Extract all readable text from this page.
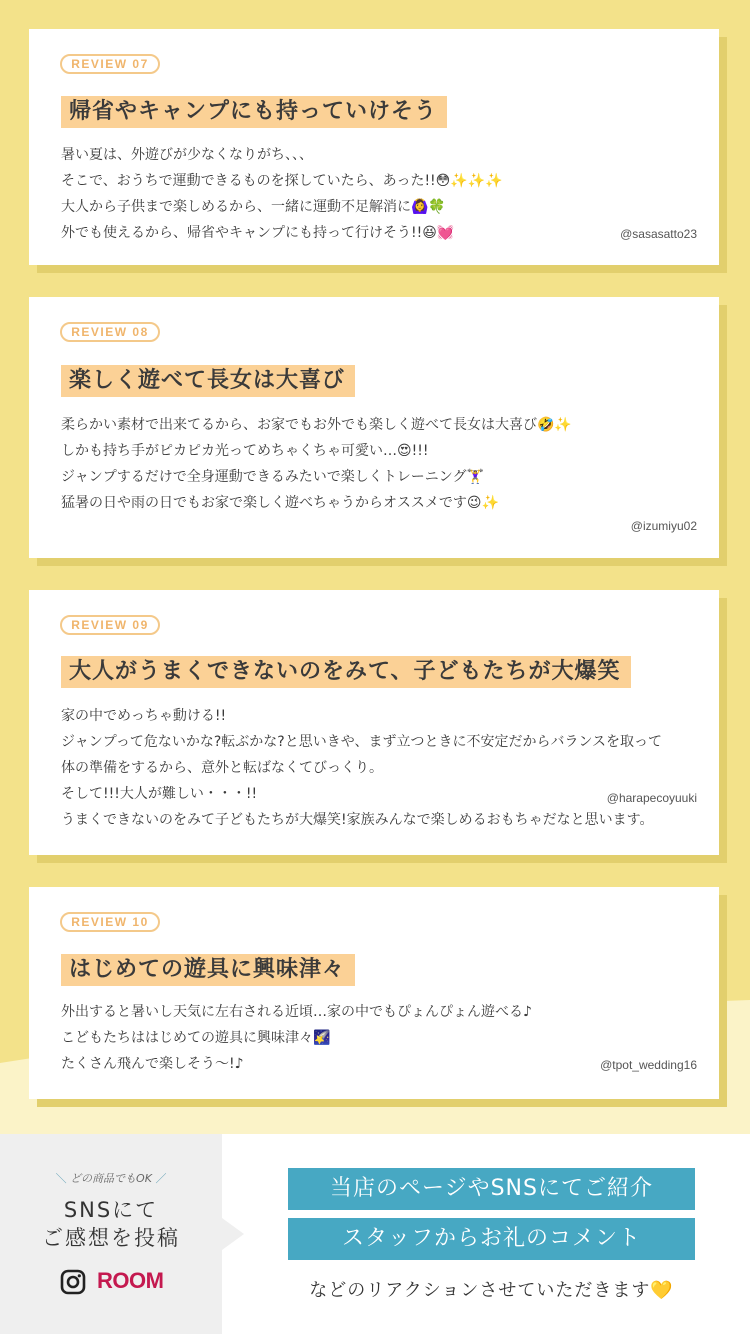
REVIEW 07
帰省やキャンプにも持っていけそう
暑い夏は、外遊びが少なくなりがち、、、
そこで、おうちで運動できるものを探していたら、あった!!😳✨✨✨
大人から子供まで楽しめるから、一緒に運動不足解消に🙆‍♀️🍀
外でも使えるから、帰省やキャンプにも持って行けそう!!😆💓	@sasasatto23
REVIEW 08
楽しく遊べて長女は大喜び
柔らかい素材で出来てるから、お家でもお外でも楽しく遊べて長女は大喜び🤣✨
しかも持ち手がピカピカ光ってめちゃくちゃ可愛い…😍!!!
ジャンプするだけで全身運動できるみたいで楽しくトレーニング🏋️‍♀️
猛暑の日や雨の日でもお家で楽しく遊べちゃうからオススメです😉✨
@izumiyu02
REVIEW 09
大人がうまくできないのをみて、子どもたちが大爆笑
家の中でめっちゃ動ける!!
ジャンプって危ないかな?転ぶかな?と思いきや、まず立つときに不安定だからバランスを取って
体の準備をするから、意外と転ばなくてびっくり。
そして!!!大人が難しい・・・!!
うまくできないのをみて子どもたちが大爆笑!家族みんなで楽しめるおもちゃだなと思います。
@harapecoyuuki
REVIEW 10
はじめての遊具に興味津々
外出すると暑いし天気に左右される近頃…家の中でもぴょんぴょん遊べる♪
こどもたちははじめての遊具に興味津々🌠
たくさん飛んで楽しそう〜!♪	@tpot_wedding16
＼ どの商品でもOK ／
SNSにて
ご感想を投稿
ROOM
当店のページやSNSにてご紹介
スタッフからお礼のコメント
などのリアクションさせていただきます💛
